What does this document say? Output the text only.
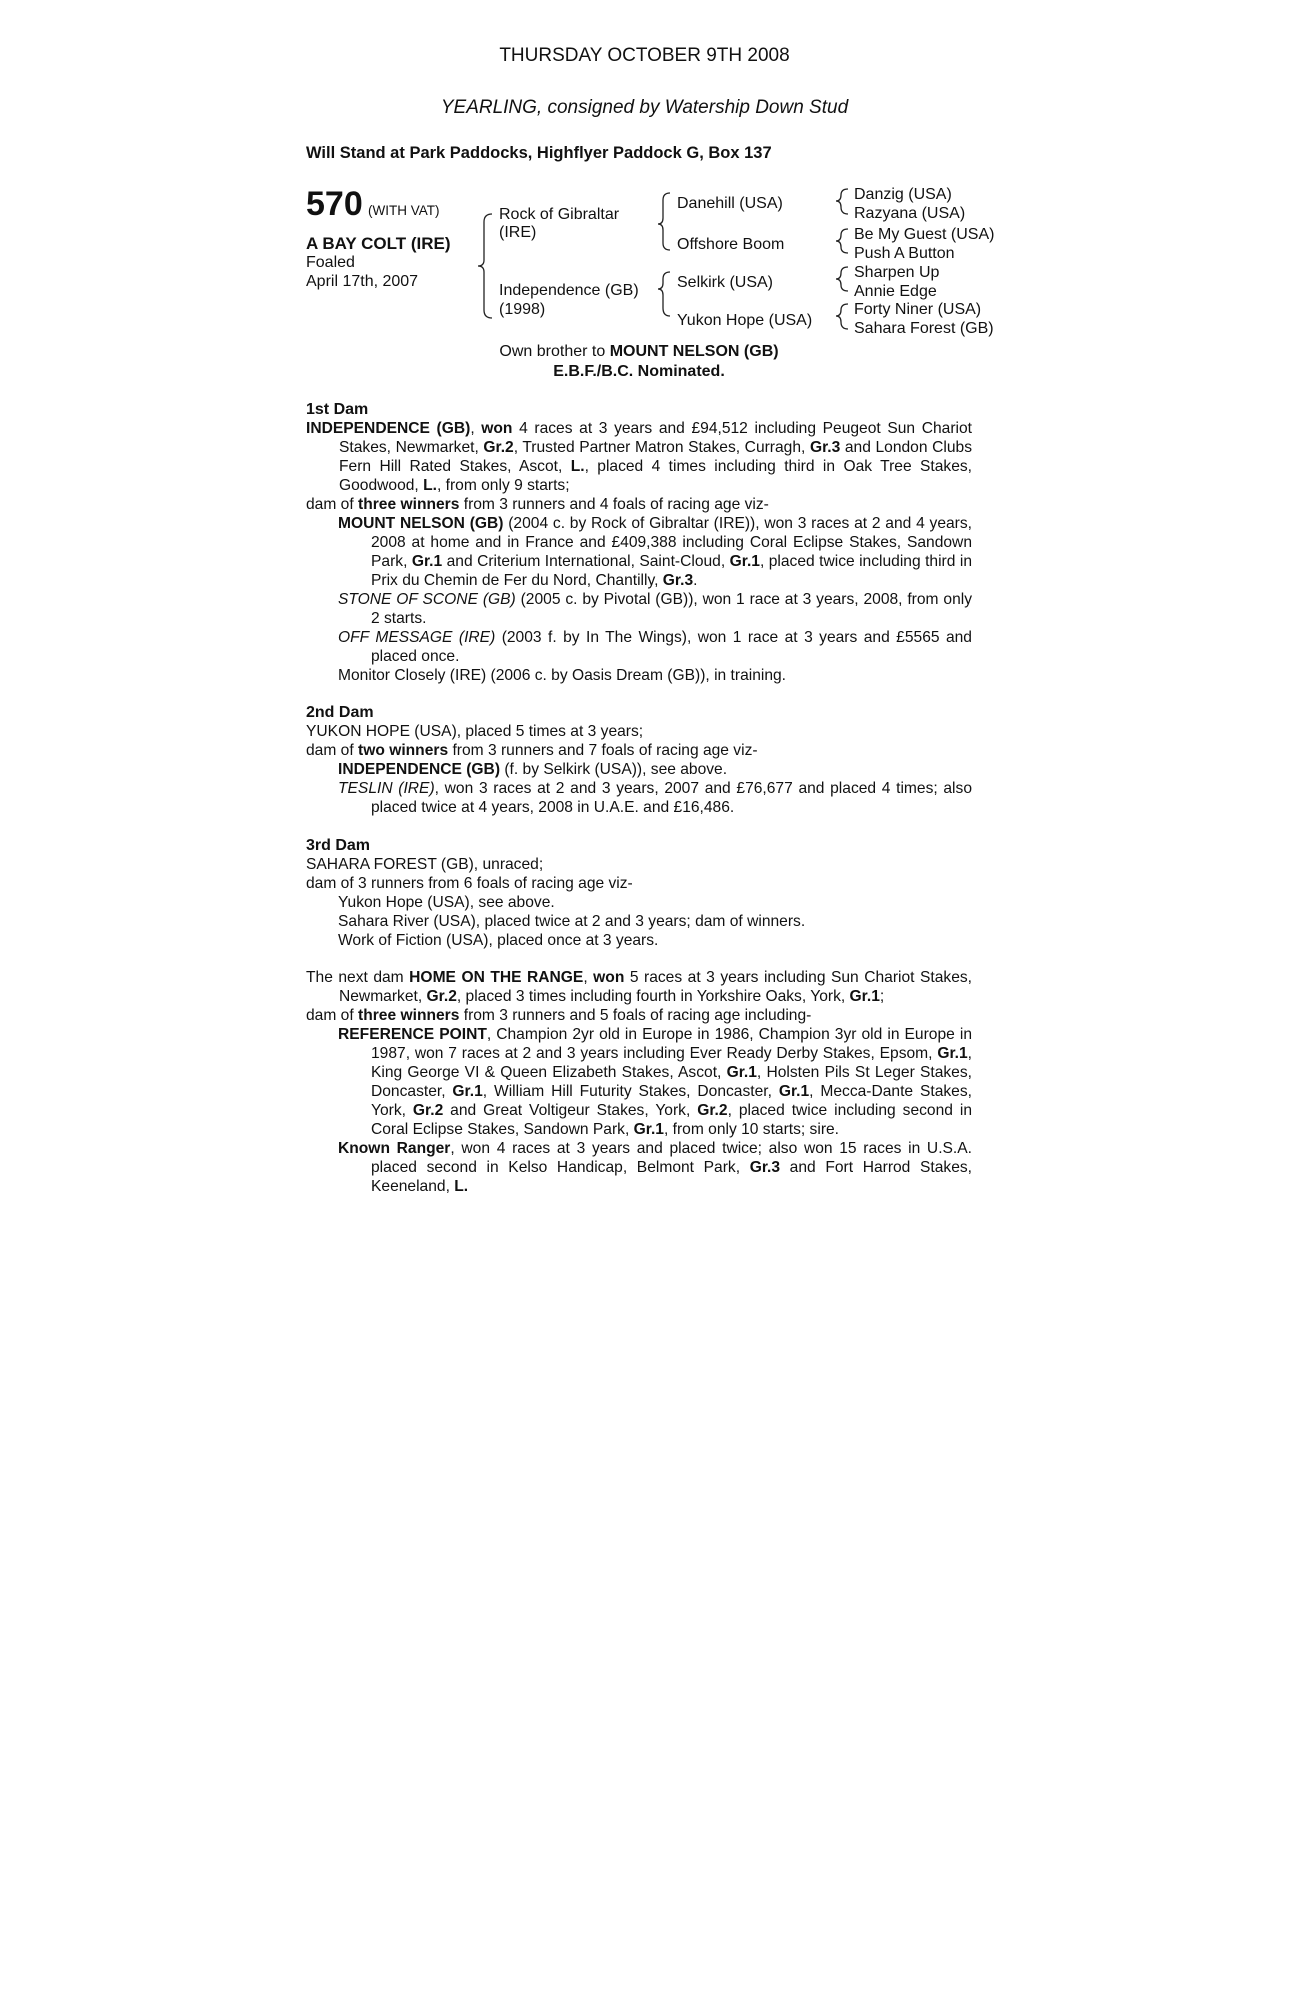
THURSDAY OCTOBER 9TH 2008
YEARLING, consigned by Watership Down Stud
Will Stand at Park Paddocks, Highflyer Paddock G, Box 137
570 (WITH VAT)
A BAY COLT (IRE)
Foaled
April 17th, 2007
Rock of Gibraltar
(IRE)
Independence (GB)
(1998)
Danehill (USA)
Offshore Boom
Selkirk (USA)
Yukon Hope (USA)
Danzig (USA)
Razyana (USA)
Be My Guest (USA)
Push A Button
Sharpen Up
Annie Edge
Forty Niner (USA)
Sahara Forest (GB)
Own brother to MOUNT NELSON (GB)
E.B.F./B.C. Nominated.

1st Dam

INDEPENDENCE (GB), won 4 races at 3 years and £94,512 including Peugeot Sun Chariot Stakes, Newmarket, Gr.2, Trusted Partner Matron Stakes, Curragh, Gr.3 and London Clubs Fern Hill Rated Stakes, Ascot, L., placed 4 times including third in Oak Tree Stakes, Goodwood, L., from only 9 starts;

dam of three winners from 3 runners and 4 foals of racing age viz-

MOUNT NELSON (GB) (2004 c. by Rock of Gibraltar (IRE)), won 3 races at 2 and 4 years, 2008 at home and in France and £409,388 including Coral Eclipse Stakes, Sandown Park, Gr.1 and Criterium International, Saint-Cloud, Gr.1, placed twice including third in Prix du Chemin de Fer du Nord, Chantilly, Gr.3.

STONE OF SCONE (GB) (2005 c. by Pivotal (GB)), won 1 race at 3 years, 2008, from only 2 starts.

OFF MESSAGE (IRE) (2003 f. by In The Wings), won 1 race at 3 years and £5565 and placed once.

Monitor Closely (IRE) (2006 c. by Oasis Dream (GB)), in training.

2nd Dam

YUKON HOPE (USA), placed 5 times at 3 years;

dam of two winners from 3 runners and 7 foals of racing age viz-

INDEPENDENCE (GB) (f. by Selkirk (USA)), see above.

TESLIN (IRE), won 3 races at 2 and 3 years, 2007 and £76,677 and placed 4 times; also placed twice at 4 years, 2008 in U.A.E. and £16,486.

3rd Dam

SAHARA FOREST (GB), unraced;

dam of 3 runners from 6 foals of racing age viz-

Yukon Hope (USA), see above.

Sahara River (USA), placed twice at 2 and 3 years; dam of winners.

Work of Fiction (USA), placed once at 3 years.

The next dam HOME ON THE RANGE, won 5 races at 3 years including Sun Chariot Stakes, Newmarket, Gr.2, placed 3 times including fourth in Yorkshire Oaks, York, Gr.1;

dam of three winners from 3 runners and 5 foals of racing age including-

REFERENCE POINT, Champion 2yr old in Europe in 1986, Champion 3yr old in Europe in 1987, won 7 races at 2 and 3 years including Ever Ready Derby Stakes, Epsom, Gr.1, King George VI & Queen Elizabeth Stakes, Ascot, Gr.1, Holsten Pils St Leger Stakes, Doncaster, Gr.1, William Hill Futurity Stakes, Doncaster, Gr.1, Mecca-Dante Stakes, York, Gr.2 and Great Voltigeur Stakes, York, Gr.2, placed twice including second in Coral Eclipse Stakes, Sandown Park, Gr.1, from only 10 starts; sire.

Known Ranger, won 4 races at 3 years and placed twice; also won 15 races in U.S.A. placed second in Kelso Handicap, Belmont Park, Gr.3 and Fort Harrod Stakes, Keeneland, L.
